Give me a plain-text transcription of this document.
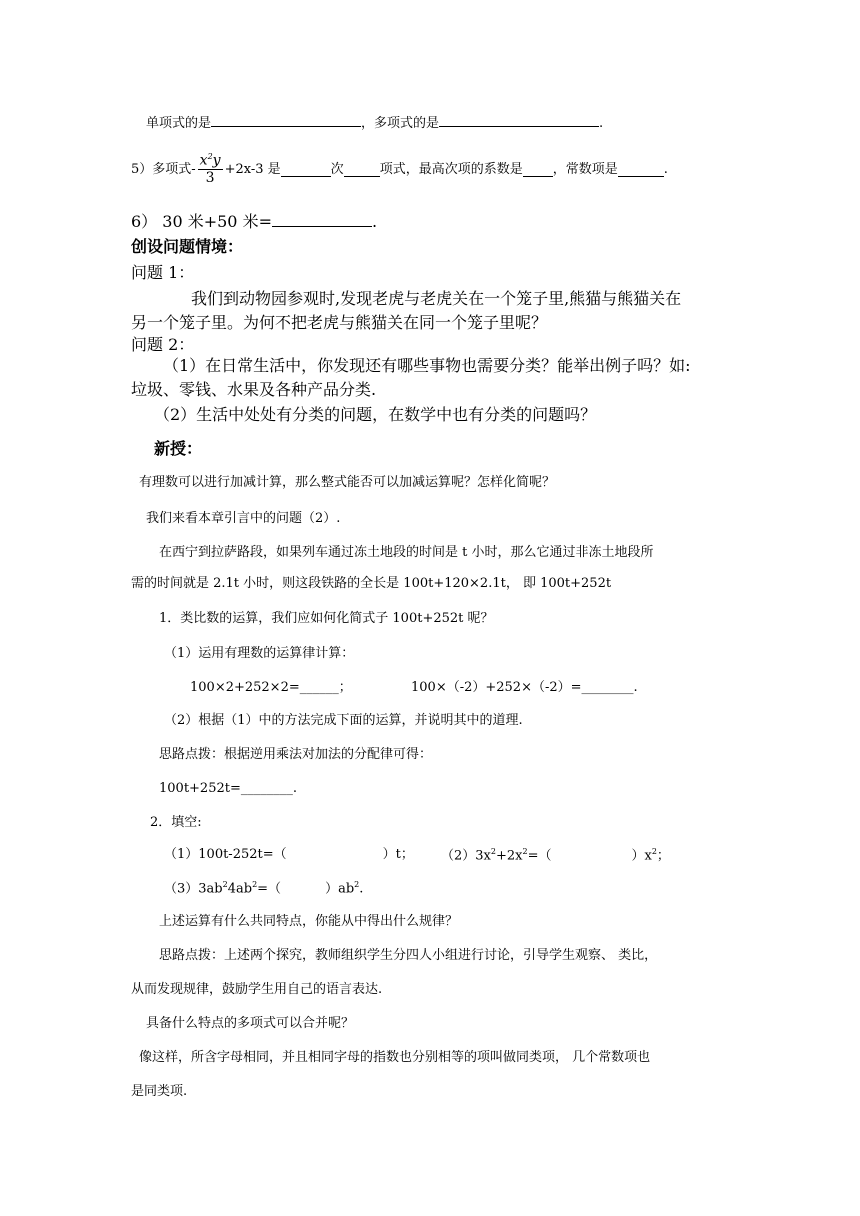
单项式的是	，多项式的是	.
5）多项式- $\frac{x^2y}{3} +2x-3$ 是	次	项式，最高次项的系数是 ，常数项是	.
6） 30 米+50 米=	.
创设问题情境：
问题 1：
我们到动物园参观时,发现老虎与老虎关在一个笼子里,熊猫与熊猫关在
另一个笼子里。为何不把老虎与熊猫关在同一个笼子里呢？
问题 2：
（1）在日常生活中，你发现还有哪些事物也需要分类？能举出例子吗？如:
垃圾、零钱、水果及各种产品分类.
（2）生活中处处有分类的问题，在数学中也有分类的问题吗？
新授：
有理数可以进行加减计算，那么整式能否可以加减运算呢？怎样化简呢？
我们来看本章引言中的问题（2）.
在西宁到拉萨路段，如果列车通过冻土地段的时间是 t 小时，那么它通过非冻土地段所
需的时间就是 2.1t 小时，则这段铁路的全长是 100t+120×2.1t， 即 100t+252t
1．类比数的运算，我们应如何化简式子 100t+252t 呢？
（1）运用有理数的运算律计算：
100×2+252×2=______；	100×（-2）+252×（-2）=________.
（2）根据（1）中的方法完成下面的运算，并说明其中的道理.
思路点拨：根据逆用乘法对加法的分配律可得：
100t+252t=________.
2．填空:
（1）100t-252t=（	）t； $(2)3x^2+2x^2=$（	）$x^2$；
$(3)3ab^24ab^2=$（	）$ab^2$.
上述运算有什么共同特点，你能从中得出什么规律？
思路点拨：上述两个探究，教师组织学生分四人小组进行讨论，引导学生观察、 类比，
从而发现规律，鼓励学生用自己的语言表达.
具备什么特点的多项式可以合并呢？
像这样，所含字母相同，并且相同字母的指数也分别相等的项叫做同类项， 几个常数项也
是同类项.
